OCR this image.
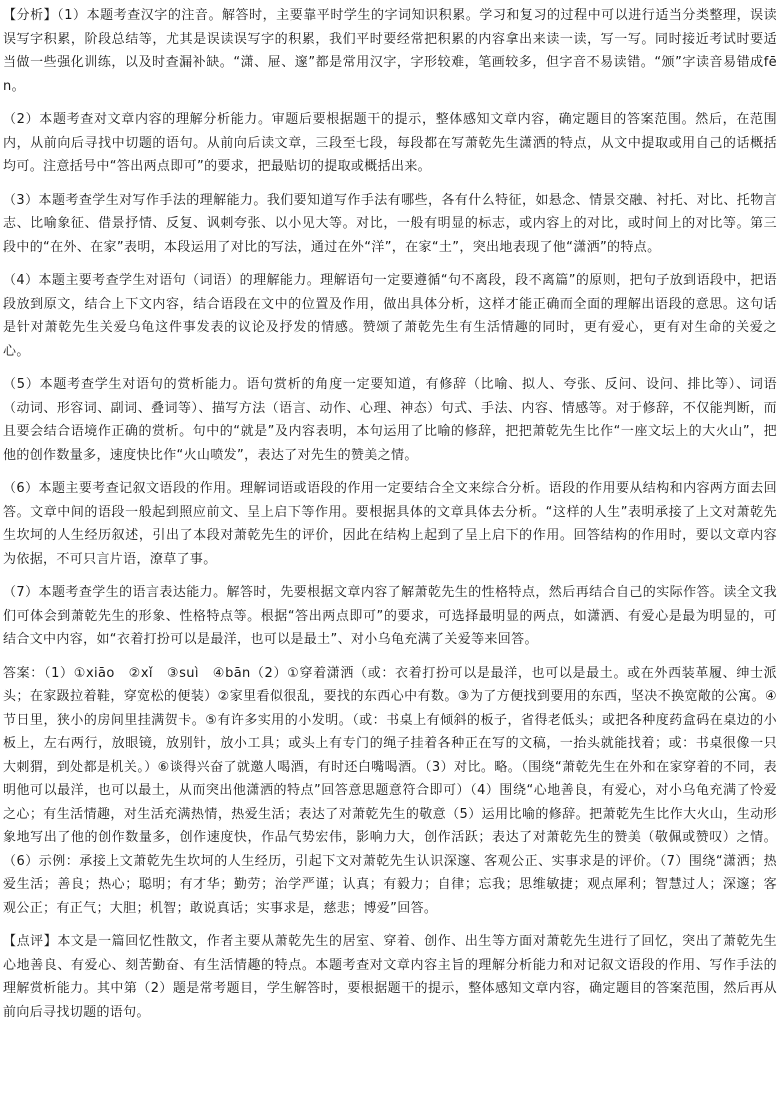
【分析】（1）本题考查汉字的注音。解答时，主要靠平时学生的字词知识积累。学习和复习的过程中可以进行适当分类整理，误读误写字积累，阶段总结等，尤其是误读误写字的积累，我们平时要经常把积累的内容拿出来读一读，写一写。同时接近考试时要适当做一些强化训练，以及时查漏补缺。“潇、屉、邃”都是常用汉字，字形较难，笔画较多，但字音不易读错。“颁”字读音易错成fēn。

（2）本题考查对文章内容的理解分析能力。审题后要根据题干的提示，整体感知文章内容，确定题目的答案范围。然后，在范围内，从前向后寻找中切题的语句。从前向后读文章，三段至七段，每段都在写萧乾先生潇洒的特点，从文中提取或用自己的话概括均可。注意括号中“答出两点即可”的要求，把最贴切的提取或概括出来。

（3）本题考查学生对写作手法的理解能力。我们要知道写作手法有哪些，各有什么特征，如悬念、情景交融、衬托、对比、托物言志、比喻象征、借景抒情、反复、讽刺夸张、以小见大等。对比，一般有明显的标志，或内容上的对比，或时间上的对比等。第三段中的“在外、在家”表明，本段运用了对比的写法，通过在外“洋”，在家“土”，突出地表现了他“潇洒”的特点。

（4）本题主要考查学生对语句（词语）的理解能力。理解语句一定要遵循“句不离段，段不离篇”的原则，把句子放到语段中，把语段放到原文，结合上下文内容，结合语段在文中的位置及作用，做出具体分析，这样才能正确而全面的理解出语段的意思。这句话是针对萧乾先生关爱乌龟这件事发表的议论及抒发的情感。赞颂了萧乾先生有生活情趣的同时，更有爱心，更有对生命的关爱之心。

（5）本题考查学生对语句的赏析能力。语句赏析的角度一定要知道，有修辞（比喻、拟人、夸张、反问、设问、排比等）、词语（动词、形容词、副词、叠词等）、描写方法（语言、动作、心理、神态）句式、手法、内容、情感等。对于修辞，不仅能判断，而且要会结合语境作正确的赏析。句中的“就是”及内容表明，本句运用了比喻的修辞，把把萧乾先生比作“一座文坛上的大火山”，把他的创作数量多，速度快比作“火山喷发”，表达了对先生的赞美之情。

（6）本题主要考查记叙文语段的作用。理解词语或语段的作用一定要结合全文来综合分析。语段的作用要从结构和内容两方面去回答。文章中间的语段一般起到照应前文、呈上启下等作用。要根据具体的文章具体去分析。“这样的人生”表明承接了上文对萧乾先生坎坷的人生经历叙述，引出了本段对萧乾先生的评价，因此在结构上起到了呈上启下的作用。回答结构的作用时，要以文章内容为依据，不可只言片语，潦草了事。

（7）本题考查学生的语言表达能力。解答时，先要根据文章内容了解萧乾先生的性格特点，然后再结合自己的实际作答。读全文我们可体会到萧乾先生的形象、性格特点等。根据“答出两点即可”的要求，可选择最明显的两点，如潇洒、有爱心是最为明显的，可结合文中内容，如“衣着打扮可以是最洋，也可以是最土”、对小乌龟充满了关爱等来回答。

答案：（1）①xiāo　②xǐ　③suì　④bān（2）①穿着潇洒（或：衣着打扮可以是最洋，也可以是最土。或在外西装革履、绅士派头；在家趿拉着鞋，穿宽松的便装）②家里看似很乱，要找的东西心中有数。③为了方便找到要用的东西，坚决不换宽敞的公寓。④节日里，狭小的房间里挂满贺卡。⑤有许多实用的小发明。（或：书桌上有倾斜的板子，省得老低头；或把各种度药盒码在桌边的小板上，左右两行，放眼镜，放别针，放小工具；或头上有专门的绳子挂着各种正在写的文稿，一抬头就能找着；或：书桌很像一只大刺猬，到处都是机关。）⑥谈得兴奋了就邀人喝酒，有时还白嘴喝酒。（3）对比。略。（围绕“萧乾先生在外和在家穿着的不同，表明他可以最洋，也可以最土，从而突出他潇洒的特点”回答意思题意符合即可）（4）围绕“心地善良，有爱心，对小乌龟充满了怜爱之心；有生活情趣，对生活充满热情，热爱生活；表达了对萧乾先生的敬意（5）运用比喻的修辞。把萧乾先生比作大火山，生动形象地写出了他的创作数量多，创作速度快，作品气势宏伟，影响力大，创作活跃；表达了对萧乾先生的赞美（敬佩或赞叹）之情。（6）示例：承接上文萧乾先生坎坷的人生经历，引起下文对萧乾先生认识深邃、客观公正、实事求是的评价。（7）围绕“潇洒；热爱生活；善良；热心；聪明；有才华；勤劳；治学严谨；认真；有毅力；自律；忘我；思维敏捷；观点犀利；智慧过人；深邃；客观公正；有正气；大胆；机智；敢说真话；实事求是，慈悲；博爱”回答。

【点评】本文是一篇回忆性散文，作者主要从萧乾先生的居室、穿着、创作、出生等方面对萧乾先生进行了回忆，突出了萧乾先生心地善良、有爱心、刻苦勤奋、有生活情趣的特点。本题考查对文章内容主旨的理解分析能力和对记叙文语段的作用、写作手法的理解赏析能力。其中第（2）题是常考题目，学生解答时，要根据题干的提示，整体感知文章内容，确定题目的答案范围，然后再从前向后寻找切题的语句。
